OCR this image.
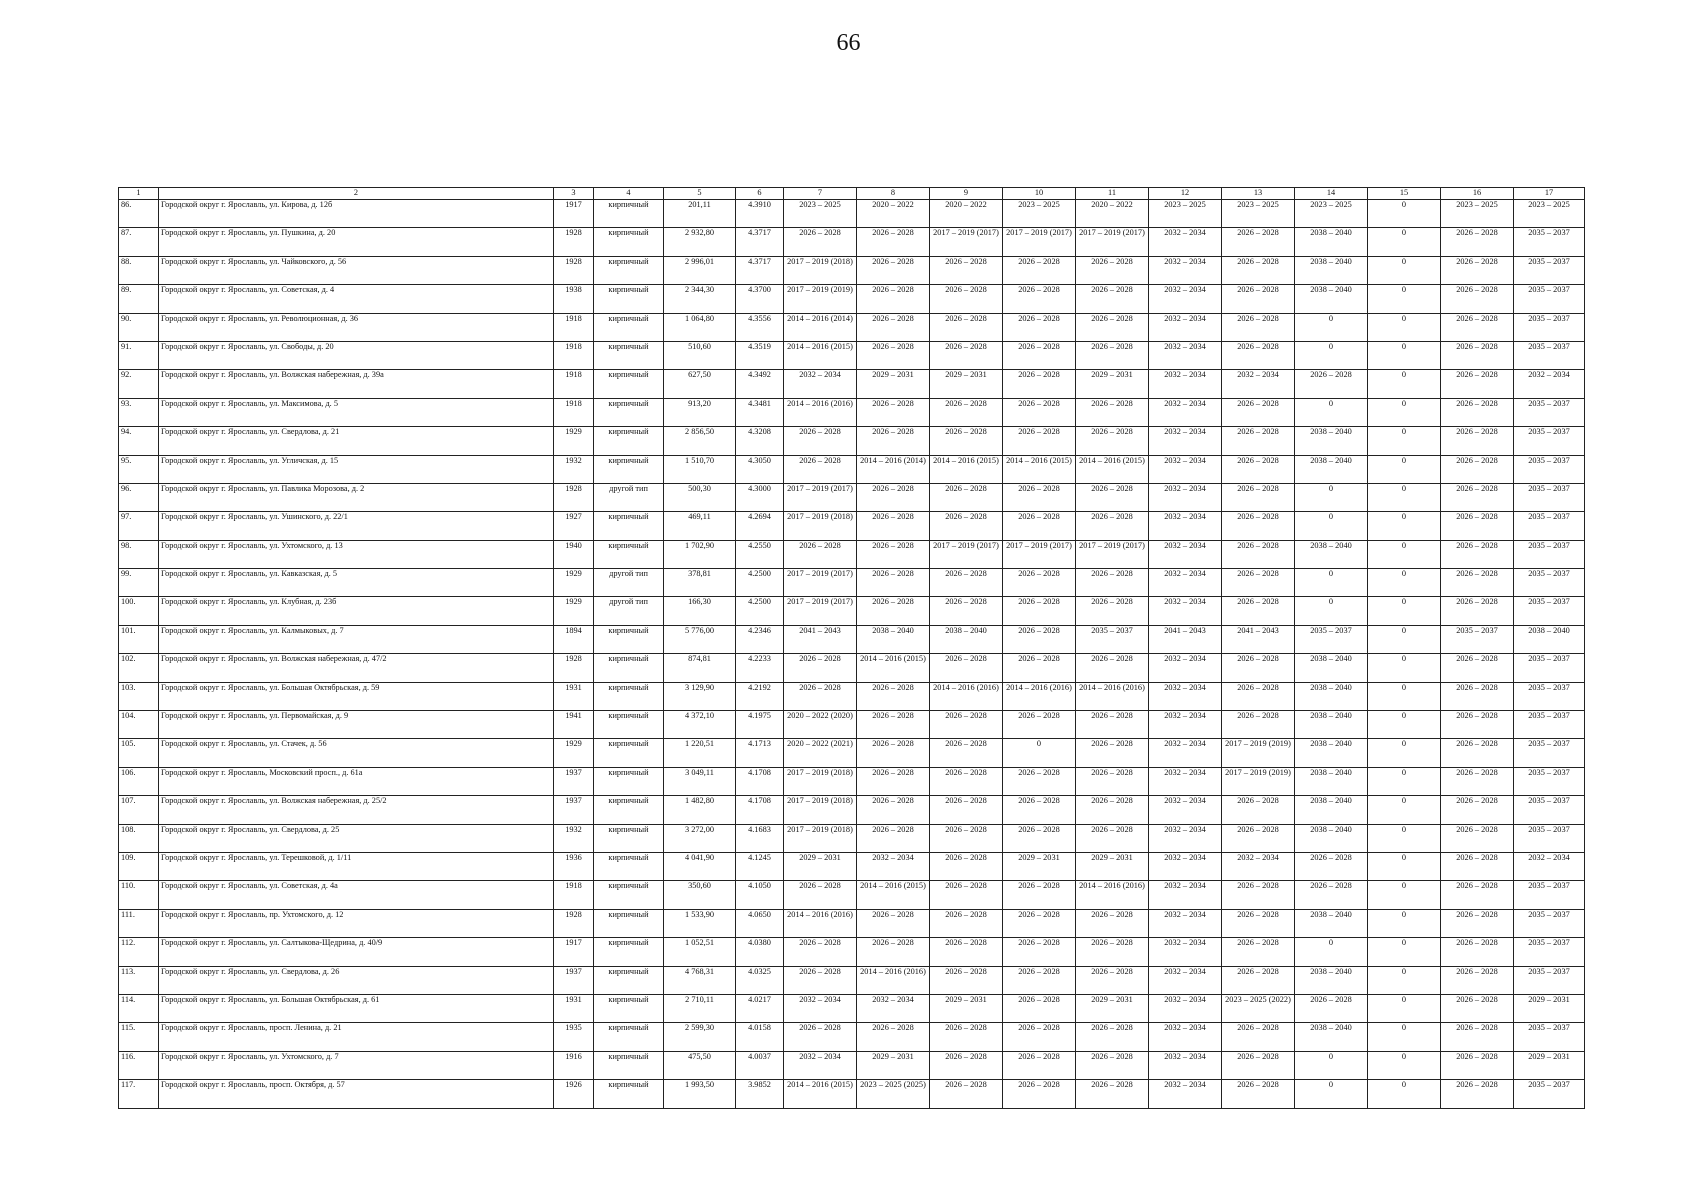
66
1	2	3	4	5	6	7	8	9	10	11	12	13	14	15	16	17
86.	Городской округ г. Ярославль, ул. Кирова, д. 12б	1917	кирпичный	201,11	4.3910	2023 – 2025	2020 – 2022	2020 – 2022	2023 – 2025	2020 – 2022	2023 – 2025	2023 – 2025	2023 – 2025	0	2023 – 2025	2023 – 2025
87.	Городской округ г. Ярославль, ул. Пушкина, д. 20	1928	кирпичный	2 932,80	4.3717	2026 – 2028	2026 – 2028	2017 – 2019 (2017)	2017 – 2019 (2017)	2017 – 2019 (2017)	2032 – 2034	2026 – 2028	2038 – 2040	0	2026 – 2028	2035 – 2037
88.	Городской округ г. Ярославль, ул. Чайковского, д. 56	1928	кирпичный	2 996,01	4.3717	2017 – 2019 (2018)	2026 – 2028	2026 – 2028	2026 – 2028	2026 – 2028	2032 – 2034	2026 – 2028	2038 – 2040	0	2026 – 2028	2035 – 2037
89.	Городской округ г. Ярославль, ул. Советская, д. 4	1938	кирпичный	2 344,30	4.3700	2017 – 2019 (2019)	2026 – 2028	2026 – 2028	2026 – 2028	2026 – 2028	2032 – 2034	2026 – 2028	2038 – 2040	0	2026 – 2028	2035 – 2037
90.	Городской округ г. Ярославль, ул. Революционная, д. 36	1918	кирпичный	1 064,80	4.3556	2014 – 2016 (2014)	2026 – 2028	2026 – 2028	2026 – 2028	2026 – 2028	2032 – 2034	2026 – 2028	0	0	2026 – 2028	2035 – 2037
91.	Городской округ г. Ярославль, ул. Свободы, д. 20	1918	кирпичный	510,60	4.3519	2014 – 2016 (2015)	2026 – 2028	2026 – 2028	2026 – 2028	2026 – 2028	2032 – 2034	2026 – 2028	0	0	2026 – 2028	2035 – 2037
92.	Городской округ г. Ярославль, ул. Волжская набережная, д. 39а	1918	кирпичный	627,50	4.3492	2032 – 2034	2029 – 2031	2029 – 2031	2026 – 2028	2029 – 2031	2032 – 2034	2032 – 2034	2026 – 2028	0	2026 – 2028	2032 – 2034
93.	Городской округ г. Ярославль, ул. Максимова, д. 5	1918	кирпичный	913,20	4.3481	2014 – 2016 (2016)	2026 – 2028	2026 – 2028	2026 – 2028	2026 – 2028	2032 – 2034	2026 – 2028	0	0	2026 – 2028	2035 – 2037
94.	Городской округ г. Ярославль, ул. Свердлова, д. 21	1929	кирпичный	2 856,50	4.3208	2026 – 2028	2026 – 2028	2026 – 2028	2026 – 2028	2026 – 2028	2032 – 2034	2026 – 2028	2038 – 2040	0	2026 – 2028	2035 – 2037
95.	Городской округ г. Ярославль, ул. Угличская, д. 15	1932	кирпичный	1 510,70	4.3050	2026 – 2028	2014 – 2016 (2014)	2014 – 2016 (2015)	2014 – 2016 (2015)	2014 – 2016 (2015)	2032 – 2034	2026 – 2028	2038 – 2040	0	2026 – 2028	2035 – 2037
96.	Городской округ г. Ярославль, ул. Павлика Морозова, д. 2	1928	другой тип	500,30	4.3000	2017 – 2019 (2017)	2026 – 2028	2026 – 2028	2026 – 2028	2026 – 2028	2032 – 2034	2026 – 2028	0	0	2026 – 2028	2035 – 2037
97.	Городской округ г. Ярославль, ул. Ушинского, д. 22/1	1927	кирпичный	469,11	4.2694	2017 – 2019 (2018)	2026 – 2028	2026 – 2028	2026 – 2028	2026 – 2028	2032 – 2034	2026 – 2028	0	0	2026 – 2028	2035 – 2037
98.	Городской округ г. Ярославль, ул. Ухтомского, д. 13	1940	кирпичный	1 702,90	4.2550	2026 – 2028	2026 – 2028	2017 – 2019 (2017)	2017 – 2019 (2017)	2017 – 2019 (2017)	2032 – 2034	2026 – 2028	2038 – 2040	0	2026 – 2028	2035 – 2037
99.	Городской округ г. Ярославль, ул. Кавказская, д. 5	1929	другой тип	378,81	4.2500	2017 – 2019 (2017)	2026 – 2028	2026 – 2028	2026 – 2028	2026 – 2028	2032 – 2034	2026 – 2028	0	0	2026 – 2028	2035 – 2037
100.	Городской округ г. Ярославль, ул. Клубная, д. 23б	1929	другой тип	166,30	4.2500	2017 – 2019 (2017)	2026 – 2028	2026 – 2028	2026 – 2028	2026 – 2028	2032 – 2034	2026 – 2028	0	0	2026 – 2028	2035 – 2037
101.	Городской округ г. Ярославль, ул. Калмыковых, д. 7	1894	кирпичный	5 776,00	4.2346	2041 – 2043	2038 – 2040	2038 – 2040	2026 – 2028	2035 – 2037	2041 – 2043	2041 – 2043	2035 – 2037	0	2035 – 2037	2038 – 2040
102.	Городской округ г. Ярославль, ул. Волжская набережная, д. 47/2	1928	кирпичный	874,81	4.2233	2026 – 2028	2014 – 2016 (2015)	2026 – 2028	2026 – 2028	2026 – 2028	2032 – 2034	2026 – 2028	2038 – 2040	0	2026 – 2028	2035 – 2037
103.	Городской округ г. Ярославль, ул. Большая Октябрьская, д. 59	1931	кирпичный	3 129,90	4.2192	2026 – 2028	2026 – 2028	2014 – 2016 (2016)	2014 – 2016 (2016)	2014 – 2016 (2016)	2032 – 2034	2026 – 2028	2038 – 2040	0	2026 – 2028	2035 – 2037
104.	Городской округ г. Ярославль, ул. Первомайская, д. 9	1941	кирпичный	4 372,10	4.1975	2020 – 2022 (2020)	2026 – 2028	2026 – 2028	2026 – 2028	2026 – 2028	2032 – 2034	2026 – 2028	2038 – 2040	0	2026 – 2028	2035 – 2037
105.	Городской округ г. Ярославль, ул. Стачек, д. 56	1929	кирпичный	1 220,51	4.1713	2020 – 2022 (2021)	2026 – 2028	2026 – 2028	0	2026 – 2028	2032 – 2034	2017 – 2019 (2019)	2038 – 2040	0	2026 – 2028	2035 – 2037
106.	Городской округ г. Ярославль, Московский просп., д. 61а	1937	кирпичный	3 049,11	4.1708	2017 – 2019 (2018)	2026 – 2028	2026 – 2028	2026 – 2028	2026 – 2028	2032 – 2034	2017 – 2019 (2019)	2038 – 2040	0	2026 – 2028	2035 – 2037
107.	Городской округ г. Ярославль, ул. Волжская набережная, д. 25/2	1937	кирпичный	1 482,80	4.1708	2017 – 2019 (2018)	2026 – 2028	2026 – 2028	2026 – 2028	2026 – 2028	2032 – 2034	2026 – 2028	2038 – 2040	0	2026 – 2028	2035 – 2037
108.	Городской округ г. Ярославль, ул. Свердлова, д. 25	1932	кирпичный	3 272,00	4.1683	2017 – 2019 (2018)	2026 – 2028	2026 – 2028	2026 – 2028	2026 – 2028	2032 – 2034	2026 – 2028	2038 – 2040	0	2026 – 2028	2035 – 2037
109.	Городской округ г. Ярославль, ул. Терешковой, д. 1/11	1936	кирпичный	4 041,90	4.1245	2029 – 2031	2032 – 2034	2026 – 2028	2029 – 2031	2029 – 2031	2032 – 2034	2032 – 2034	2026 – 2028	0	2026 – 2028	2032 – 2034
110.	Городской округ г. Ярославль, ул. Советская, д. 4а	1918	кирпичный	350,60	4.1050	2026 – 2028	2014 – 2016 (2015)	2026 – 2028	2026 – 2028	2014 – 2016 (2016)	2032 – 2034	2026 – 2028	2026 – 2028	0	2026 – 2028	2035 – 2037
111.	Городской округ г. Ярославль, пр. Ухтомского, д. 12	1928	кирпичный	1 533,90	4.0650	2014 – 2016 (2016)	2026 – 2028	2026 – 2028	2026 – 2028	2026 – 2028	2032 – 2034	2026 – 2028	2038 – 2040	0	2026 – 2028	2035 – 2037
112.	Городской округ г. Ярославль, ул. Салтыкова-Щедрина, д. 40/9	1917	кирпичный	1 052,51	4.0380	2026 – 2028	2026 – 2028	2026 – 2028	2026 – 2028	2026 – 2028	2032 – 2034	2026 – 2028	0	0	2026 – 2028	2035 – 2037
113.	Городской округ г. Ярославль, ул. Свердлова, д. 26	1937	кирпичный	4 768,31	4.0325	2026 – 2028	2014 – 2016 (2016)	2026 – 2028	2026 – 2028	2026 – 2028	2032 – 2034	2026 – 2028	2038 – 2040	0	2026 – 2028	2035 – 2037
114.	Городской округ г. Ярославль, ул. Большая Октябрьская, д. 61	1931	кирпичный	2 710,11	4.0217	2032 – 2034	2032 – 2034	2029 – 2031	2026 – 2028	2029 – 2031	2032 – 2034	2023 – 2025 (2022)	2026 – 2028	0	2026 – 2028	2029 – 2031
115.	Городской округ г. Ярославль, просп. Ленина, д. 21	1935	кирпичный	2 599,30	4.0158	2026 – 2028	2026 – 2028	2026 – 2028	2026 – 2028	2026 – 2028	2032 – 2034	2026 – 2028	2038 – 2040	0	2026 – 2028	2035 – 2037
116.	Городской округ г. Ярославль, ул. Ухтомского, д. 7	1916	кирпичный	475,50	4.0037	2032 – 2034	2029 – 2031	2026 – 2028	2026 – 2028	2026 – 2028	2032 – 2034	2026 – 2028	0	0	2026 – 2028	2029 – 2031
117.	Городской округ г. Ярославль, просп. Октября, д. 57	1926	кирпичный	1 993,50	3.9852	2014 – 2016 (2015)	2023 – 2025 (2025)	2026 – 2028	2026 – 2028	2026 – 2028	2032 – 2034	2026 – 2028	0	0	2026 – 2028	2035 – 2037
